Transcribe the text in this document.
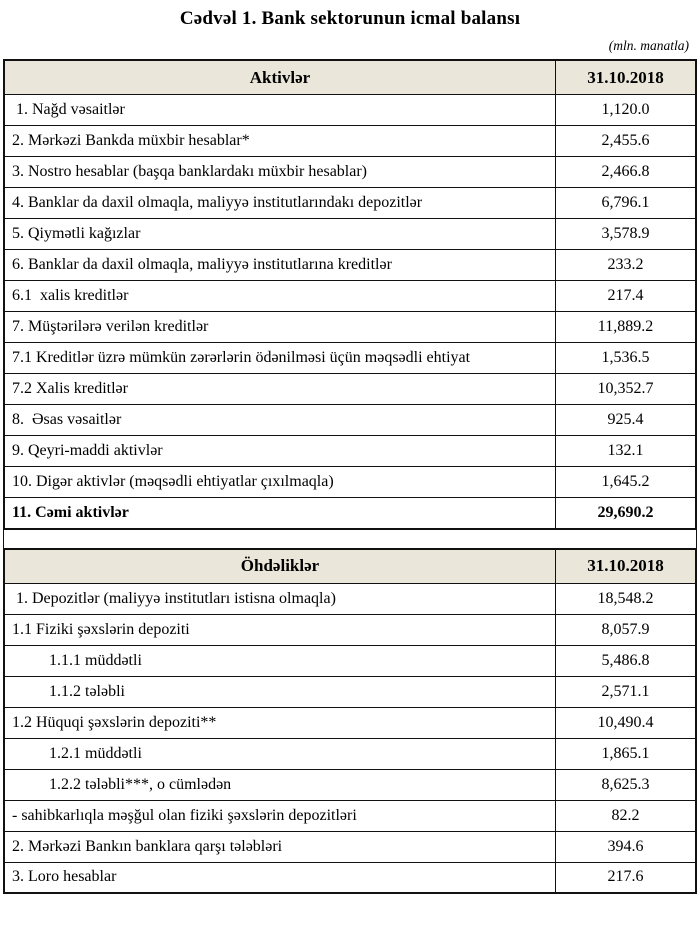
Cədvəl 1. Bank sektorunun icmal balansı
(mln. manatla)
Aktivlər	31.10.2018
1. Nağd vəsaitlər	1,120.0
2. Mərkəzi Bankda müxbir hesablar*	2,455.6
3. Nostro hesablar (başqa banklardakı müxbir hesablar)	2,466.8
4. Banklar da daxil olmaqla, maliyyə institutlarındakı depozitlər	6,796.1
5. Qiymətli kağızlar	3,578.9
6. Banklar da daxil olmaqla, maliyyə institutlarına kreditlər	233.2
6.1  xalis kreditlər	217.4
7. Müştərilərə verilən kreditlər	11,889.2
7.1 Kreditlər üzrə mümkün zərərlərin ödənilməsi üçün məqsədli ehtiyat	1,536.5
7.2 Xalis kreditlər	10,352.7
8.  Əsas vəsaitlər	925.4
9. Qeyri-maddi aktivlər	132.1
10. Digər aktivlər (məqsədli ehtiyatlar çıxılmaqla)	1,645.2
11. Cəmi aktivlər	29,690.2
Öhdəliklər	31.10.2018
1. Depozitlər (maliyyə institutları istisna olmaqla)	18,548.2
1.1 Fiziki şəxslərin depoziti	8,057.9
1.1.1 müddətli	5,486.8
1.1.2 tələbli	2,571.1
1.2 Hüquqi şəxslərin depoziti**	10,490.4
1.2.1 müddətli	1,865.1
1.2.2 tələbli***, o cümlədən	8,625.3
- sahibkarlıqla məşğul olan fiziki şəxslərin depozitləri	82.2
2. Mərkəzi Bankın banklara qarşı tələbləri	394.6
3. Loro hesablar	217.6
